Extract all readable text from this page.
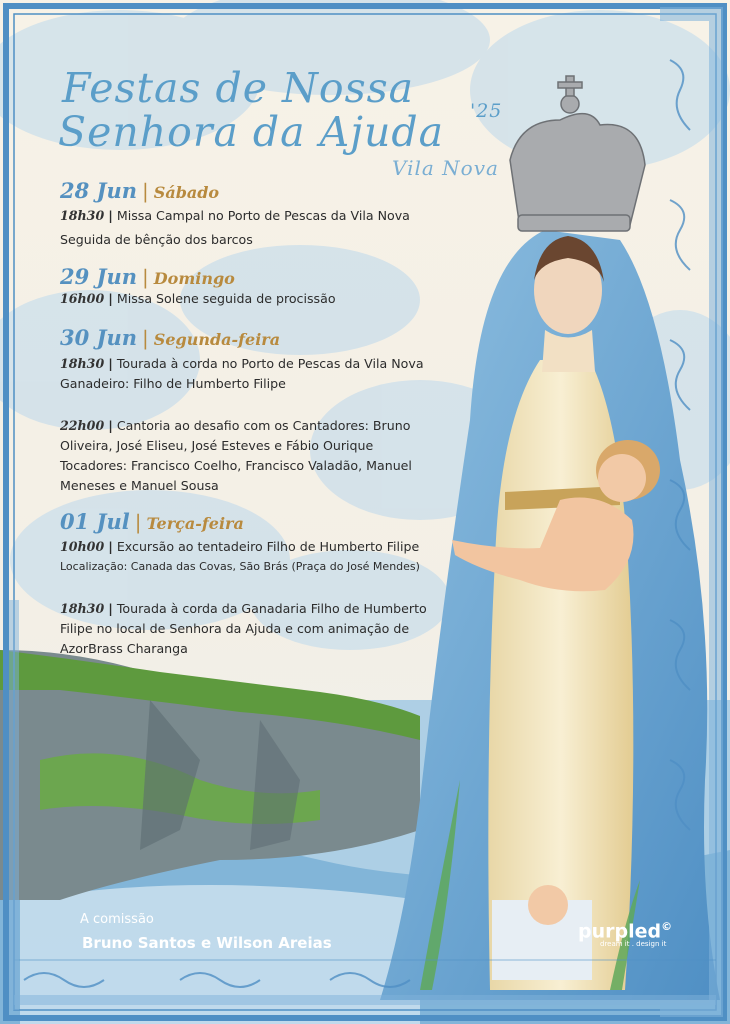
Festas de Nossa
Senhora da Ajuda '25
Vila Nova
28 Jun | Sábado
18h30 | Missa Campal no Porto de Pescas da Vila Nova
Seguida de bênção dos barcos
29 Jun | Domingo
16h00 | Missa Solene seguida de procissão
30 Jun | Segunda-feira
18h30 | Tourada à corda no Porto de Pescas da Vila Nova
Ganadeiro: Filho de Humberto Filipe
22h00 | Cantoria ao desafio com os Cantadores: Bruno
Oliveira, José Eliseu, José Esteves e Fábio Ourique
Tocadores: Francisco Coelho, Francisco Valadão, Manuel
Meneses e Manuel Sousa
01 Jul | Terça-feira
10h00 | Excursão ao tentadeiro Filho de Humberto Filipe
Localização: Canada das Covas, São Brás (Praça do José Mendes)
18h30 | Tourada à corda da Ganadaria Filho de Humberto
Filipe no local de Senhora da Ajuda e com animação de
AzorBrass Charanga
A comissão
Bruno Santos e Wilson Areias
purpled©
dream it . design it
